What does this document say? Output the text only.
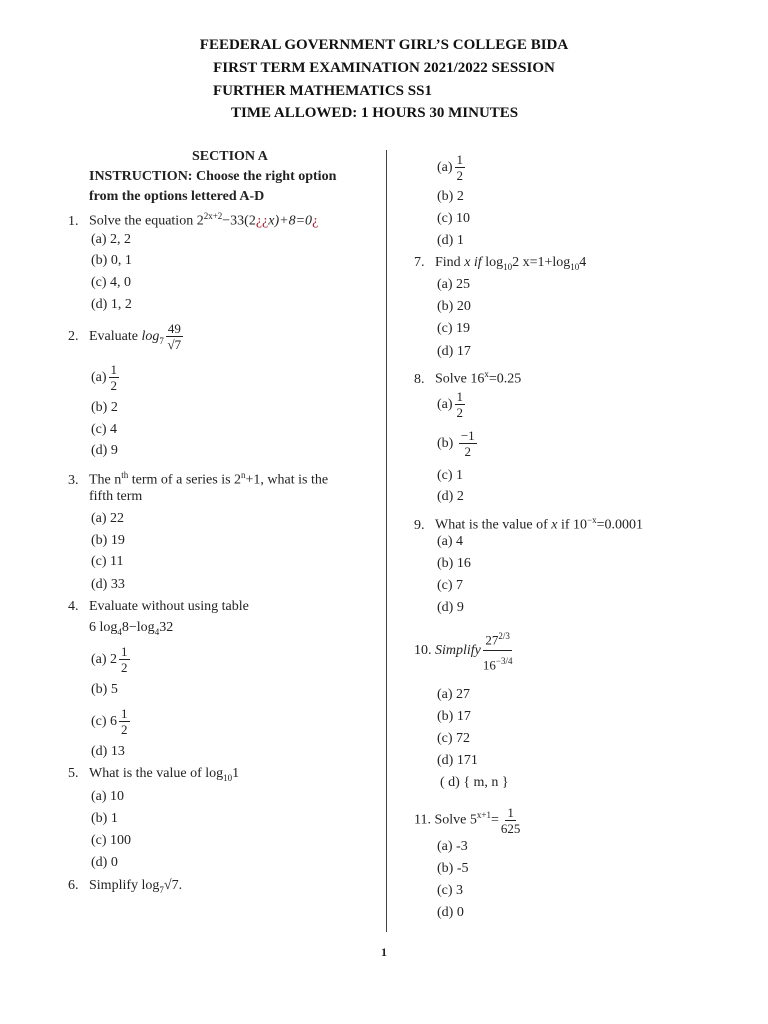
FEEDERAL GOVERNMENT GIRL’S COLLEGE BIDA
FIRST TERM EXAMINATION 2021/2022 SESSION
FURTHER MATHEMATICS SS1
TIME ALLOWED: 1 HOURS 30 MINUTES
SECTION A
INSTRUCTION: Choose the right option
from the options lettered A-D
1. Solve the equation $2^{2x+2}-33(2¿¿x)+8=0¿$
(a) 2, 2
(b) 0, 1
(c) 4, 0
(d) 1, 2
2. Evaluate $\log_7 \frac{49}{√7}$
$(a) \frac{1}{2}$
(b) 2
(c) 4
(d) 9
3. The $n^{th}$ term of a series is $2^n+1$, what is the
fifth term
(a) 22
(b) 19
(c) 11
(d) 33
4. Evaluate without using table
6 $\log_48-\log_432$
(a) $2 \frac{1}{2}$
(b) 5
(c) $6 \frac{1}{2}$
(d) 13
5. What is the value of $\log_{10}1$
(a) 10
(b) 1
(c) 100
(d) 0
6. Simplify $\log_7√7$.
$(a) \frac{1}{2}$
(b) 2
(c) 10
(d) 1
7. Find x if $\log_{10}2$ $x=1+\log_{10}4$
(a) 25
(b) 20
(c) 19
(d) 17
8. Solve $16^x=0.25$
$(a) \frac{1}{2}$
$(b) \frac{-1}{2}$
(c) 1
(d) 2
9. What is the value of x if $10^{-x}=0.0001$
(a) 4
(b) 16
(c) 7
(d) 9
10. Simplify $\frac{27^{2/3}}{16^{-3/4}}$
(a) 27
(b) 17
(c) 72
(d) 171
( d) { m, n }
11. Solve $5^{x+1}= \frac{1}{625}$
(a) -3
(b) -5
(c) 3
(d) 0
1
